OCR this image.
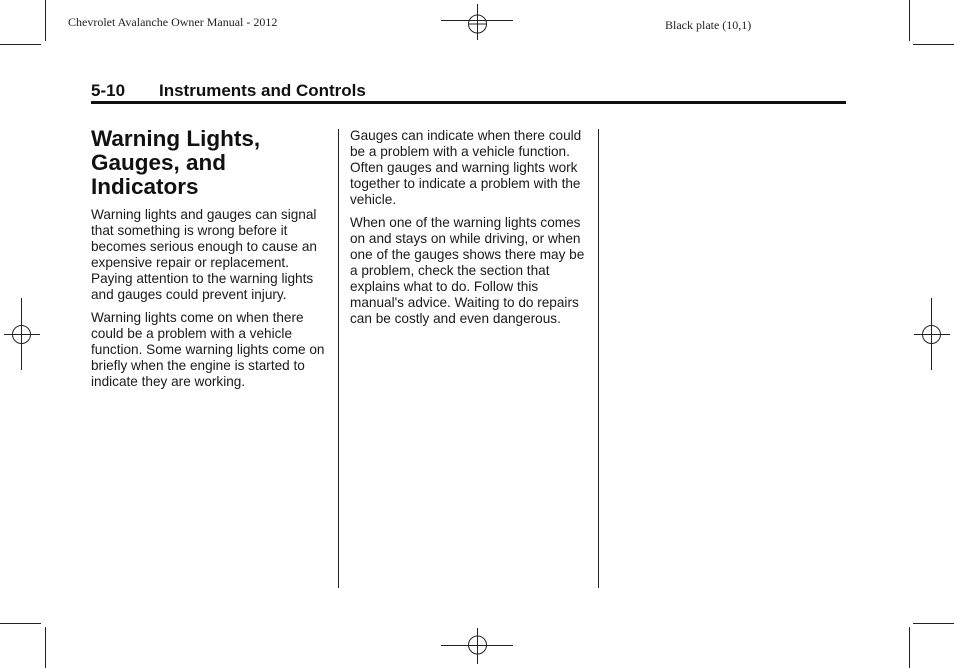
Chevrolet Avalanche Owner Manual - 2012	Black plate (10,1)
5-10 Instruments and Controls
Warning Lights,
Gauges, and
Indicators

Warning lights and gauges can signal that something is wrong before it becomes serious enough to cause an expensive repair or replacement. Paying attention to the warning lights and gauges could prevent injury.

Warning lights come on when there could be a problem with a vehicle function. Some warning lights come on briefly when the engine is started to indicate they are working.

Gauges can indicate when there could be a problem with a vehicle function. Often gauges and warning lights work together to indicate a problem with the vehicle.

When one of the warning lights comes on and stays on while driving, or when one of the gauges shows there may be a problem, check the section that explains what to do. Follow this manual's advice. Waiting to do repairs can be costly and even dangerous.
